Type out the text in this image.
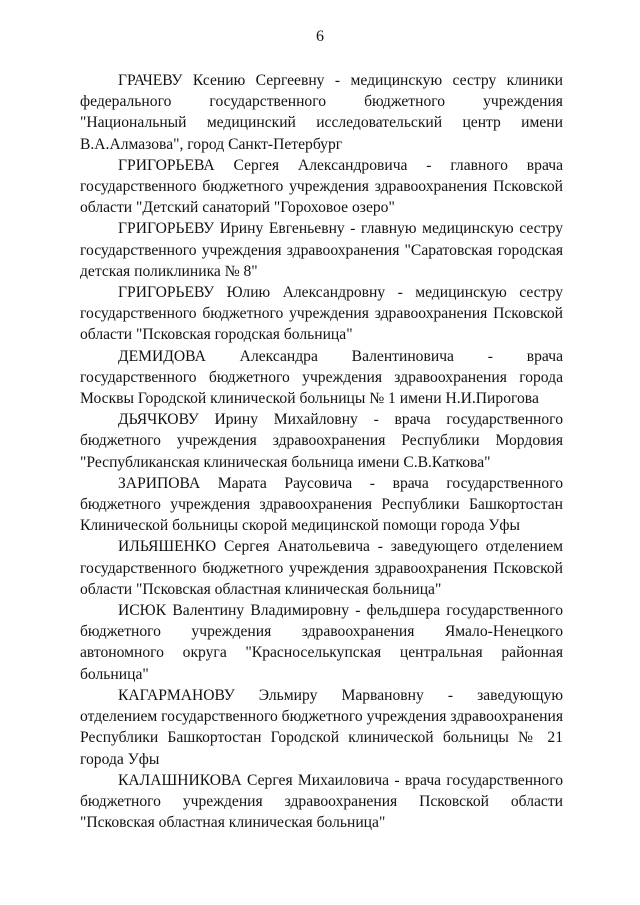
6

ГРАЧЕВУ Ксению Сергеевну - медицинскую сестру клиники федерального государственного бюджетного учреждения "Национальный медицинский исследовательский центр имени В.А.Алмазова", город Санкт-Петербург

ГРИГОРЬЕВА Сергея Александровича - главного врача государственного бюджетного учреждения здравоохранения Псковской области "Детский санаторий "Гороховое озеро"

ГРИГОРЬЕВУ Ирину Евгеньевну - главную медицинскую сестру государственного учреждения здравоохранения "Саратовская городская детская поликлиника № 8"

ГРИГОРЬЕВУ Юлию Александровну - медицинскую сестру государственного бюджетного учреждения здравоохранения Псковской области "Псковская городская больница"

ДЕМИДОВА Александра Валентиновича - врача государственного бюджетного учреждения здравоохранения города Москвы Городской клинической больницы № 1 имени Н.И.Пирогова

ДЬЯЧКОВУ Ирину Михайловну - врача государственного бюджетного учреждения здравоохранения Республики Мордовия "Республиканская клиническая больница имени С.В.Каткова"

ЗАРИПОВА Марата Раусовича - врача государственного бюджетного учреждения здравоохранения Республики Башкортостан Клинической больницы скорой медицинской помощи города Уфы

ИЛЬЯШЕНКО Сергея Анатольевича - заведующего отделением государственного бюджетного учреждения здравоохранения Псковской области "Псковская областная клиническая больница"

ИСЮК Валентину Владимировну - фельдшера государственного бюджетного учреждения здравоохранения Ямало-Ненецкого автономного округа "Красноселькупская центральная районная больница"

КАГАРМАНОВУ Эльмиру Марвановну - заведующую отделением государственного бюджетного учреждения здравоохранения Республики Башкортостан Городской клинической больницы № 21 города Уфы

КАЛАШНИКОВА Сергея Михаиловича - врача государственного бюджетного учреждения здравоохранения Псковской области "Псковская областная клиническая больница"
